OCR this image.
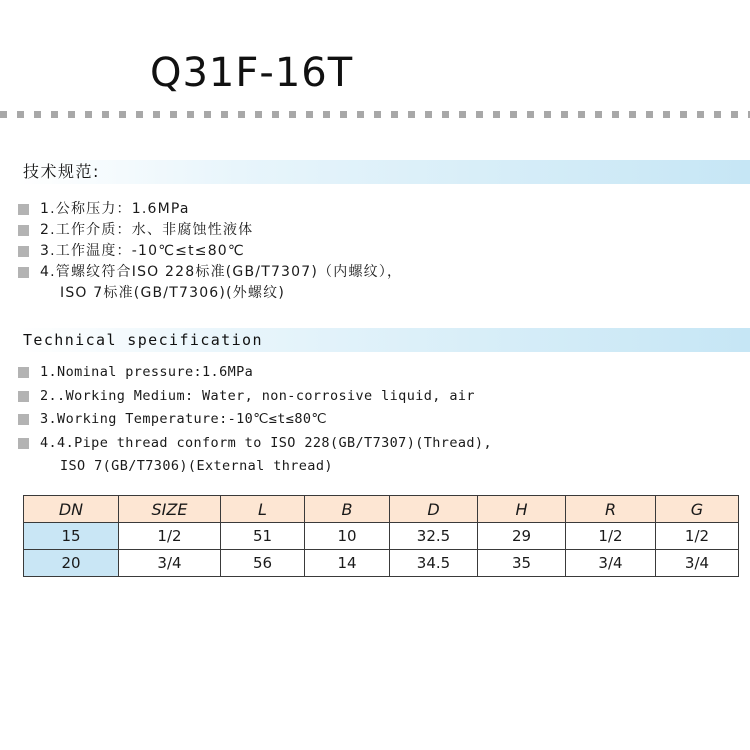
Q31F-16T
技术规范:
1.公称压力：1.6MPa
2.工作介质：水、非腐蚀性液体
3.工作温度：-10℃≤t≤80℃
4.管螺纹符合ISO 228标准(GB/T7307)（内螺纹），
ISO 7标准(GB/T7306)(外螺纹)
Technical specification
1.Nominal pressure:1.6MPa
2..Working Medium: Water, non-corrosive liquid, air
3.Working Temperature:-10℃≤t≤80℃
4.4.Pipe thread conform to ISO 228(GB/T7307)(Thread),
ISO 7(GB/T7306)(External thread)
DN	SIZE	L	B	D	H	R	G
15	1/2	51	10	32.5	29	1/2	1/2
20	3/4	56	14	34.5	35	3/4	3/4
